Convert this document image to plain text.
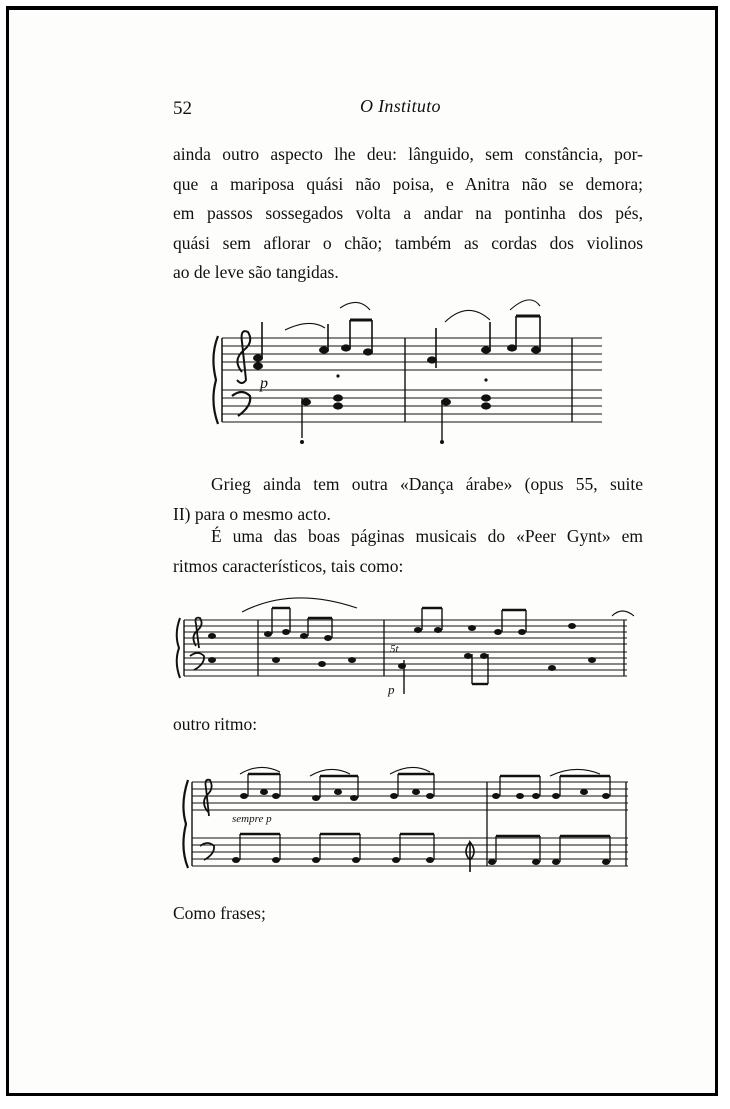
52	O Instituto
ainda outro aspecto lhe deu: lânguido, sem constância, por-
que a mariposa quási não poisa, e Anitra não se demora;
em passos sossegados volta a andar na pontinha dos pés,
quási sem aflorar o chão; também as cordas dos violinos
ao de leve são tangidas.
p
Grieg ainda tem outra «Dança árabe» (opus 55, suite
II) para o mesmo acto.
É uma das boas páginas musicais do «Peer Gynt» em
ritmos característicos, tais como:
5t
p
outro ritmo:
sempre p
Como frases;
